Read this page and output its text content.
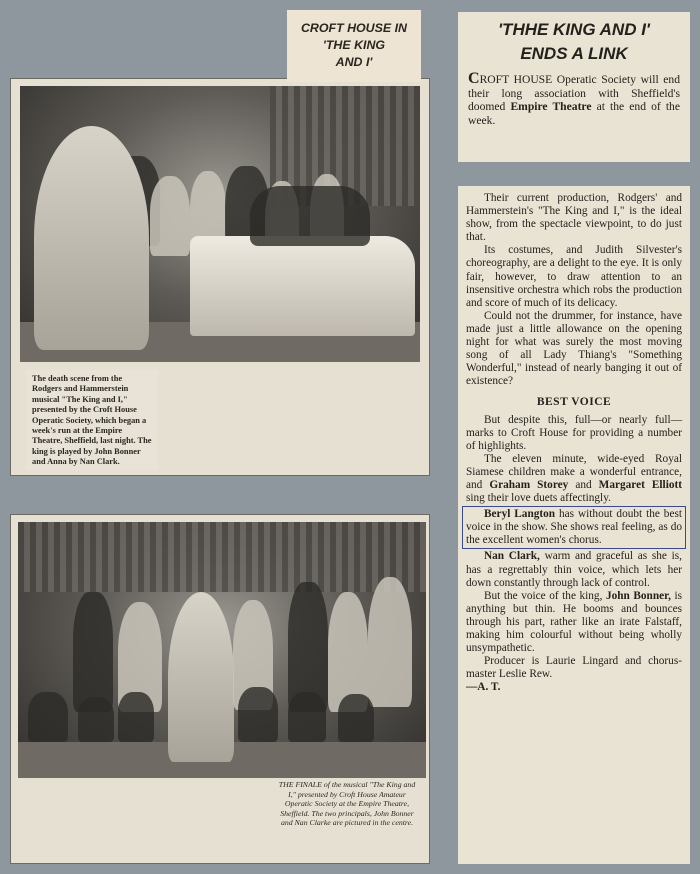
The death scene from the Rodgers and Hammerstein musical "The King and I," presented by the Croft House Operatic Society, which began a week's run at the Empire Theatre, Sheffield, last night. The king is played by John Bonner and Anna by Nan Clark.
CROFT HOUSE IN
'THE KING
AND I'
THE FINALE of the musical "The King and I," presented by Croft House Amateur Operatic Society at the Empire Theatre, Sheffield. The two principals, John Bonner and Nan Clarke are pictured in the centre.
'THHE KING AND I'
ENDS A LINK

CROFT HOUSE Operatic Society will end their long association with Sheffield's doomed Empire Theatre at the end of the week.

Their current production, Rodgers' and Hammerstein's "The King and I," is the ideal show, from the spectacle viewpoint, to do just that.

Its costumes, and Judith Silvester's choreography, are a delight to the eye. It is only fair, however, to draw attention to an insensitive orchestra which robs the production and score of much of its delicacy.

Could not the drummer, for instance, have made just a little allowance on the opening night for what was surely the most moving song of all Lady Thiang's "Something Wonderful," instead of nearly banging it out of existence?

BEST VOICE

But despite this, full—or nearly full—marks to Croft House for providing a number of highlights.

The eleven minute, wide-eyed Royal Siamese children make a wonderful entrance, and Graham Storey and Margaret Elliott sing their love duets affectingly.

Beryl Langton has without doubt the best voice in the show. She shows real feeling, as do the excellent women's chorus.

Nan Clark, warm and graceful as she is, has a regrettably thin voice, which lets her down constantly through lack of control.

But the voice of the king, John Bonner, is anything but thin. He booms and bounces through his part, rather like an irate Falstaff, making him colourful without being wholly unsympathetic.

Producer is Laurie Lingard and chorus-master Leslie Rew.

—A. T.
